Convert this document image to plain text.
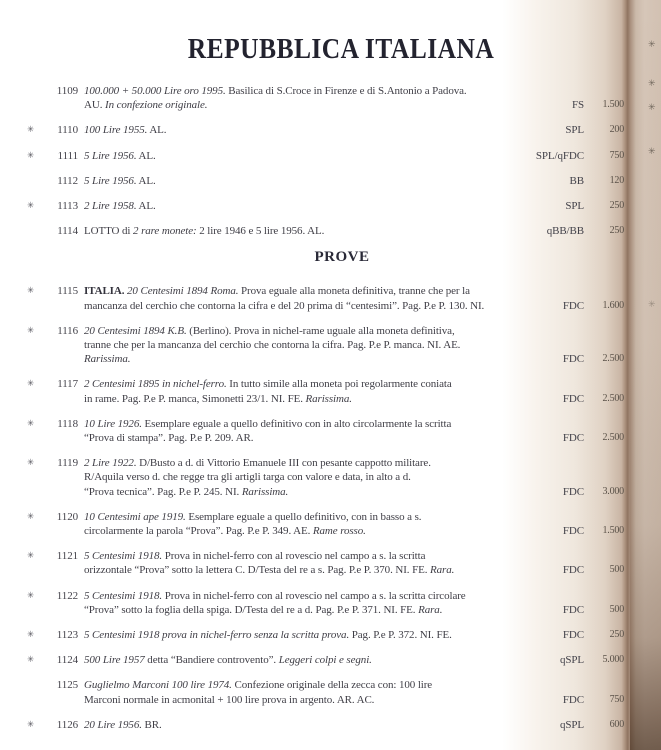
REPUBBLICA ITALIANA
1109 100.000 + 50.000 Lire oro 1995. Basilica di S.Croce in Firenze e di S.Antonio a Padova.
AU. In confezione originale.	FS	1.500
✳	1110 100 Lire 1955. AL.	SPL	200
✳	1111 5 Lire 1956. AL.	SPL/qFDC	750
1112 5 Lire 1956. AL.	BB	120
✳	1113 2 Lire 1958. AL.	SPL	250
1114 LOTTO di 2 rare monete: 2 lire 1946 e 5 lire 1956. AL.	qBB/BB	250
PROVE
✳	1115 ITALIA. 20 Centesimi 1894 Roma. Prova eguale alla moneta definitiva, tranne che per la
mancanza del cerchio che contorna la cifra e del 20 prima di “centesimi”. Pag. P.e P. 130. NI.	FDC	1.600
✳	1116 20 Centesimi 1894 K.B. (Berlino). Prova in nichel-rame uguale alla moneta definitiva,
tranne che per la mancanza del cerchio che contorna la cifra. Pag. P.e P. manca. NI. AE.
Rarissima.	FDC	2.500
✳	1117 2 Centesimi 1895 in nichel-ferro. In tutto simile alla moneta poi regolarmente coniata
in rame. Pag. P.e P. manca, Simonetti 23/1. NI. FE. Rarissima.	FDC	2.500
✳	1118 10 Lire 1926. Esemplare eguale a quello definitivo con in alto circolarmente la scritta
“Prova di stampa”. Pag. P.e P. 209. AR.	FDC	2.500
✳	1119 2 Lire 1922. D/Busto a d. di Vittorio Emanuele III con pesante cappotto militare.
R/Aquila verso d. che regge tra gli artigli targa con valore e data, in alto a d.
“Prova tecnica”. Pag. P.e P. 245. NI. Rarissima.	FDC	3.000
✳	1120 10 Centesimi ape 1919. Esemplare eguale a quello definitivo, con in basso a s.
circolarmente la parola “Prova”. Pag. P.e P. 349. AE. Rame rosso.	FDC	1.500
✳	1121 5 Centesimi 1918. Prova in nichel-ferro con al rovescio nel campo a s. la scritta
orizzontale “Prova” sotto la lettera C. D/Testa del re a s. Pag. P.e P. 370. NI. FE. Rara.	FDC	500
✳	1122 5 Centesimi 1918. Prova in nichel-ferro con al rovescio nel campo a s. la scritta circolare
“Prova” sotto la foglia della spiga. D/Testa del re a d. Pag. P.e P. 371. NI. FE. Rara.	FDC	500
✳	1123 5 Centesimi 1918 prova in nichel-ferro senza la scritta prova. Pag. P.e P. 372. NI. FE.	FDC	250
✳	1124 500 Lire 1957 detta “Bandiere controvento”. Leggeri colpi e segni.	qSPL	5.000
1125 Guglielmo Marconi 100 lire 1974. Confezione originale della zecca con: 100 lire
Marconi normale in acmonital + 100 lire prova in argento. AR. AC.	FDC	750
✳	1126 20 Lire 1956. BR.	qSPL	600
✳
✳
✳
✳
✳
